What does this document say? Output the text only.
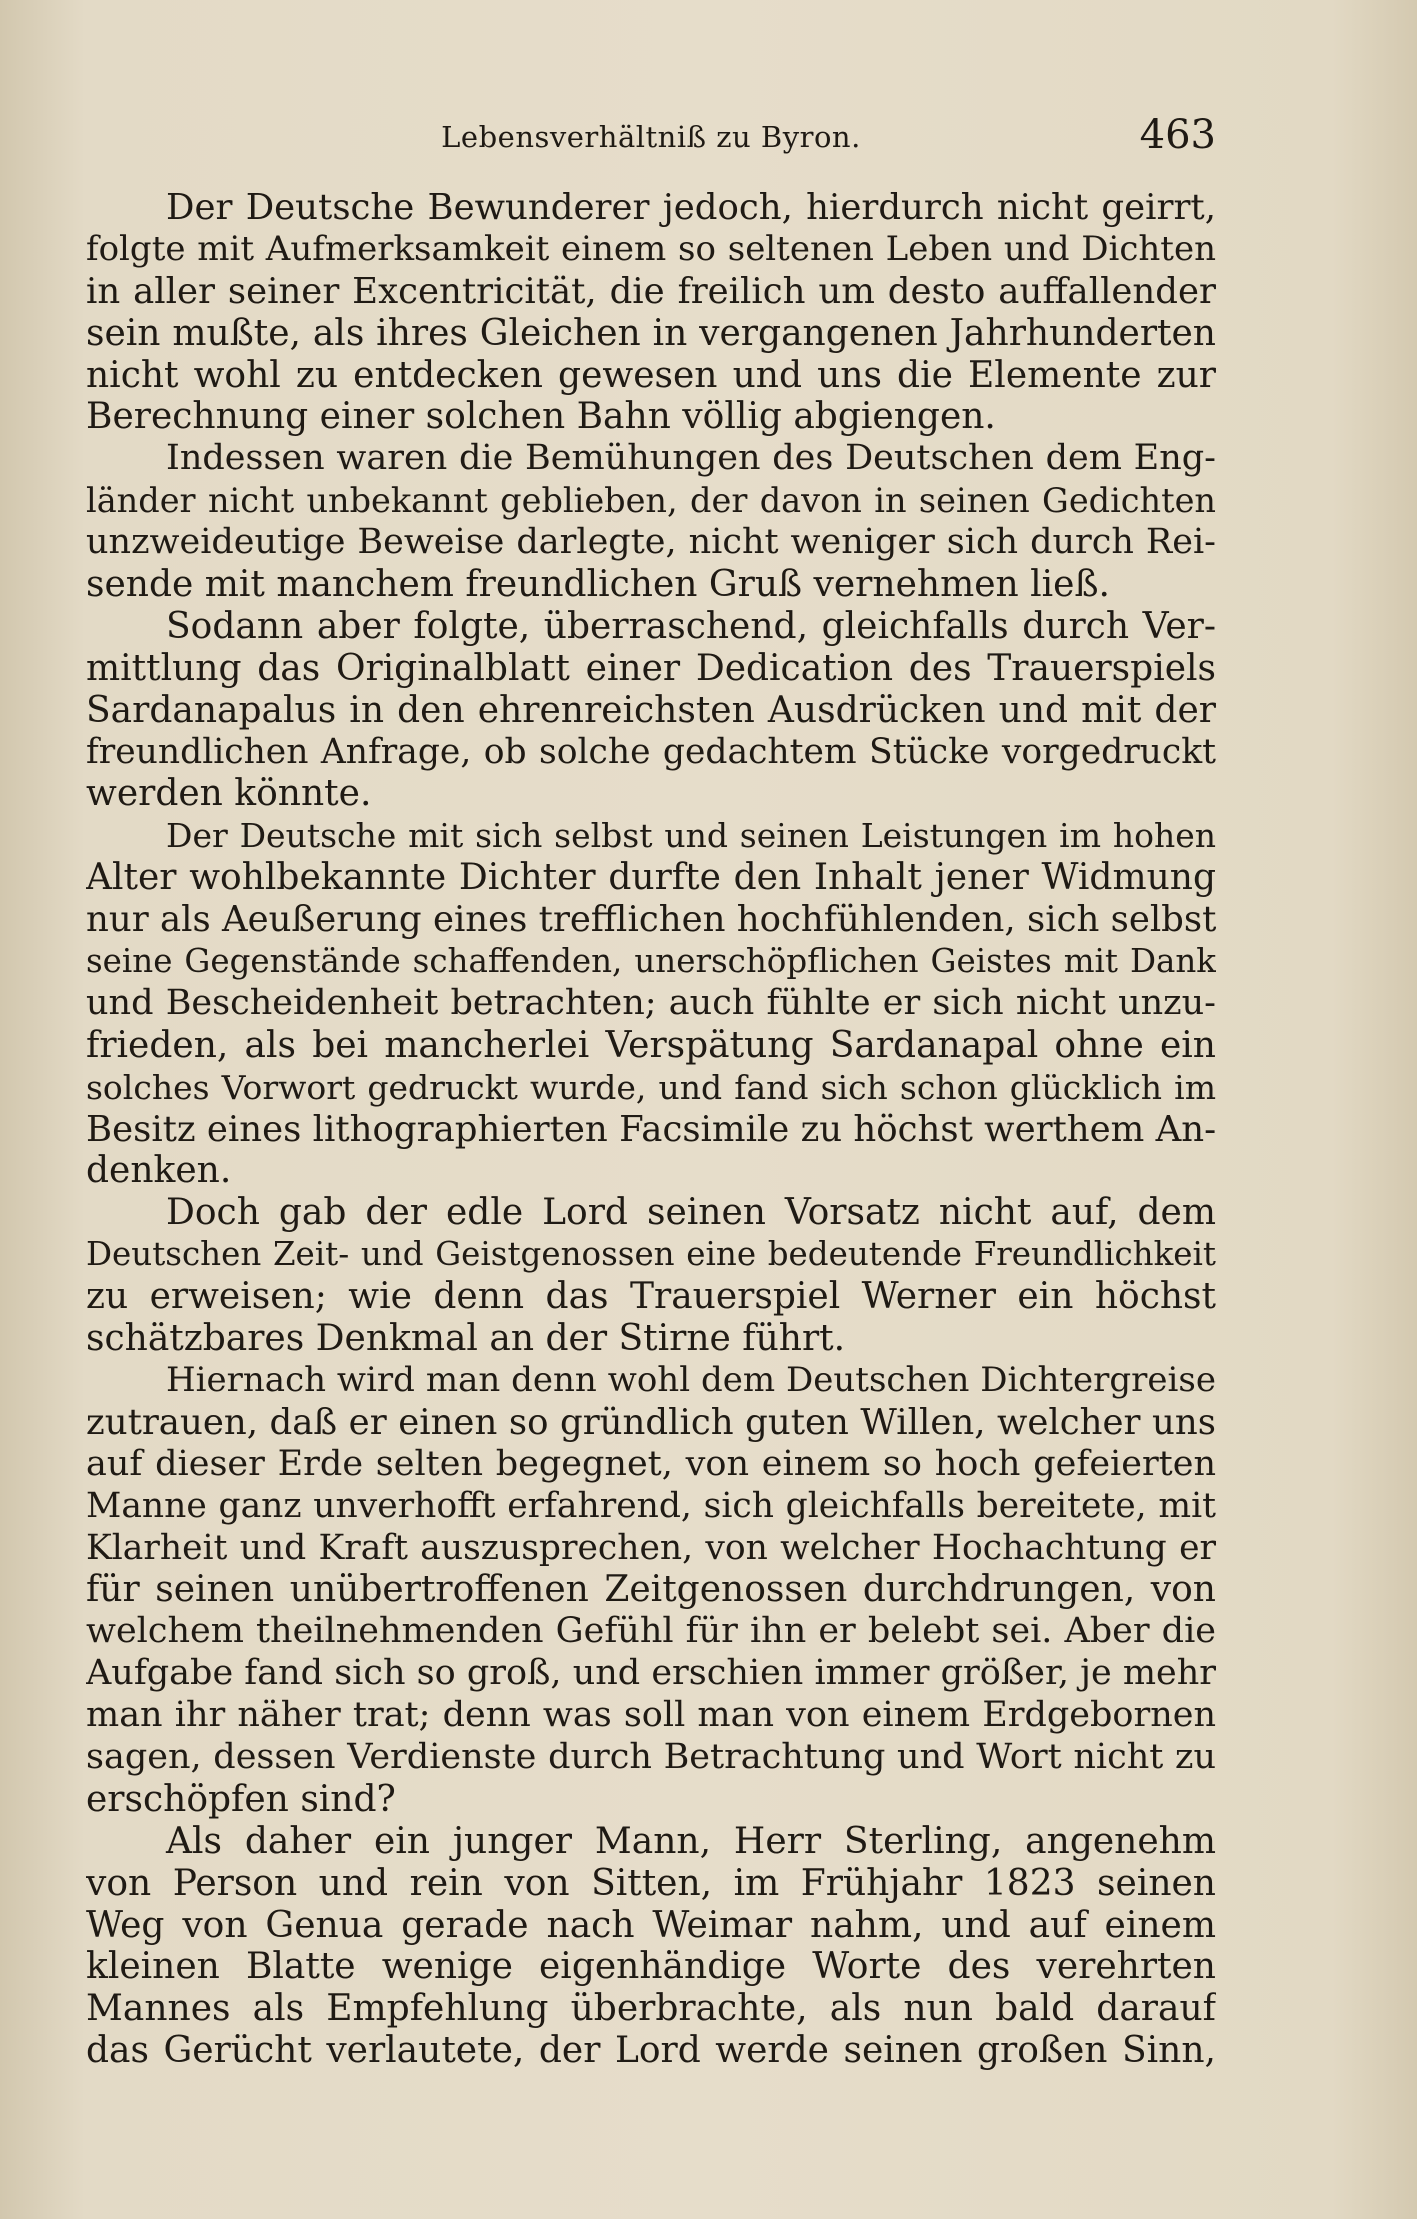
Lebensverhältniß zu Byron.	463
Der Deutsche Bewunderer jedoch, hierdurch nicht geirrt,
folgte mit Aufmerksamkeit einem so seltenen Leben und Dichten
in aller seiner Excentricität, die freilich um desto auffallender
sein mußte, als ihres Gleichen in vergangenen Jahrhunderten
nicht wohl zu entdecken gewesen und uns die Elemente zur
Berechnung einer solchen Bahn völlig abgiengen.
Indessen waren die Bemühungen des Deutschen dem Eng-
länder nicht unbekannt geblieben, der davon in seinen Gedichten
unzweideutige Beweise darlegte, nicht weniger sich durch Rei-
sende mit manchem freundlichen Gruß vernehmen ließ.
Sodann aber folgte, überraschend, gleichfalls durch Ver-
mittlung das Originalblatt einer Dedication des Trauerspiels
Sardanapalus in den ehrenreichsten Ausdrücken und mit der
freundlichen Anfrage, ob solche gedachtem Stücke vorgedruckt
werden könnte.
Der Deutsche mit sich selbst und seinen Leistungen im hohen
Alter wohlbekannte Dichter durfte den Inhalt jener Widmung
nur als Aeußerung eines trefflichen hochfühlenden, sich selbst
seine Gegenstände schaffenden, unerschöpflichen Geistes mit Dank
und Bescheidenheit betrachten; auch fühlte er sich nicht unzu-
frieden, als bei mancherlei Verspätung Sardanapal ohne ein
solches Vorwort gedruckt wurde, und fand sich schon glücklich im
Besitz eines lithographierten Facsimile zu höchst werthem An-
denken.
Doch gab der edle Lord seinen Vorsatz nicht auf, dem
Deutschen Zeit- und Geistgenossen eine bedeutende Freundlichkeit
zu erweisen; wie denn das Trauerspiel Werner ein höchst
schätzbares Denkmal an der Stirne führt.
Hiernach wird man denn wohl dem Deutschen Dichtergreise
zutrauen, daß er einen so gründlich guten Willen, welcher uns
auf dieser Erde selten begegnet, von einem so hoch gefeierten
Manne ganz unverhofft erfahrend, sich gleichfalls bereitete, mit
Klarheit und Kraft auszusprechen, von welcher Hochachtung er
für seinen unübertroffenen Zeitgenossen durchdrungen, von
welchem theilnehmenden Gefühl für ihn er belebt sei. Aber die
Aufgabe fand sich so groß, und erschien immer größer, je mehr
man ihr näher trat; denn was soll man von einem Erdgebornen
sagen, dessen Verdienste durch Betrachtung und Wort nicht zu
erschöpfen sind?
Als daher ein junger Mann, Herr Sterling, angenehm
von Person und rein von Sitten, im Frühjahr 1823 seinen
Weg von Genua gerade nach Weimar nahm, und auf einem
kleinen Blatte wenige eigenhändige Worte des verehrten
Mannes als Empfehlung überbrachte, als nun bald darauf
das Gerücht verlautete, der Lord werde seinen großen Sinn,
